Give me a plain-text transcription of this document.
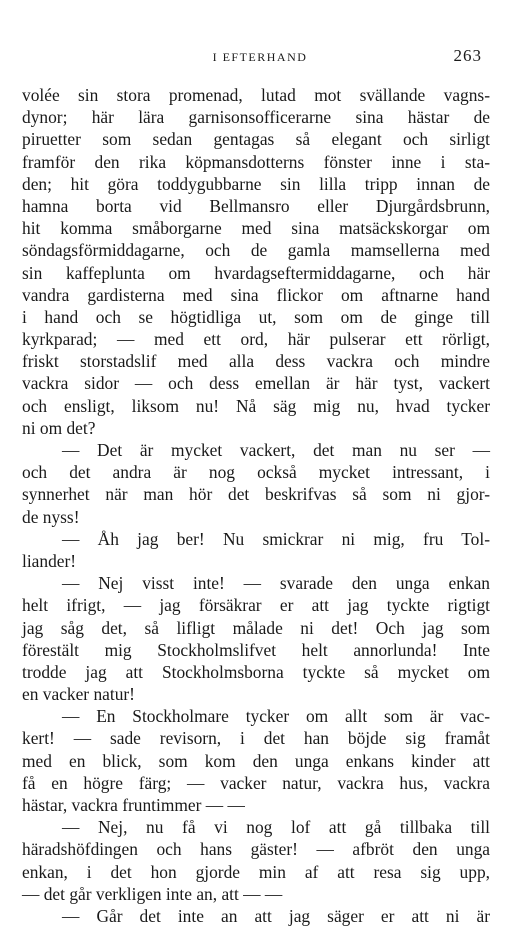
I EFTERHAND	263
volée sin stora promenad, lutad mot svällande vagns-
dynor; här lära garnisonsofficerarne sina hästar de
piruetter som sedan gentagas så elegant och sirligt
framför den rika köpmansdotterns fönster inne i sta-
den; hit göra toddygubbarne sin lilla tripp innan de
hamna borta vid Bellmansro eller Djurgårdsbrunn,
hit komma småborgarne med sina matsäckskorgar om
söndagsförmiddagarne, och de gamla mamsellerna med
sin kaffeplunta om hvardagseftermiddagarne, och här
vandra gardisterna med sina flickor om aftnarne hand
i hand och se högtidliga ut, som om de ginge till
kyrkparad; — med ett ord, här pulserar ett rörligt,
friskt storstadslif med alla dess vackra och mindre
vackra sidor — och dess emellan är här tyst, vackert
och ensligt, liksom nu! Nå säg mig nu, hvad tycker
ni om det?
— Det är mycket vackert, det man nu ser —
och det andra är nog också mycket intressant, i
synnerhet när man hör det beskrifvas så som ni gjor-
de nyss!
— Åh jag ber! Nu smickrar ni mig, fru Tol-
liander!
— Nej visst inte! — svarade den unga enkan
helt ifrigt, — jag försäkrar er att jag tyckte rigtigt
jag såg det, så lifligt målade ni det! Och jag som
förestält mig Stockholmslifvet helt annorlunda! Inte
trodde jag att Stockholmsborna tyckte så mycket om
en vacker natur!
— En Stockholmare tycker om allt som är vac-
kert! — sade revisorn, i det han böjde sig framåt
med en blick, som kom den unga enkans kinder att
få en högre färg; — vacker natur, vackra hus, vackra
hästar, vackra fruntimmer — —
— Nej, nu få vi nog lof att gå tillbaka till
häradshöfdingen och hans gäster! — afbröt den unga
enkan, i det hon gjorde min af att resa sig upp,
— det går verkligen inte an, att — —
— Går det inte an att jag säger er att ni är
